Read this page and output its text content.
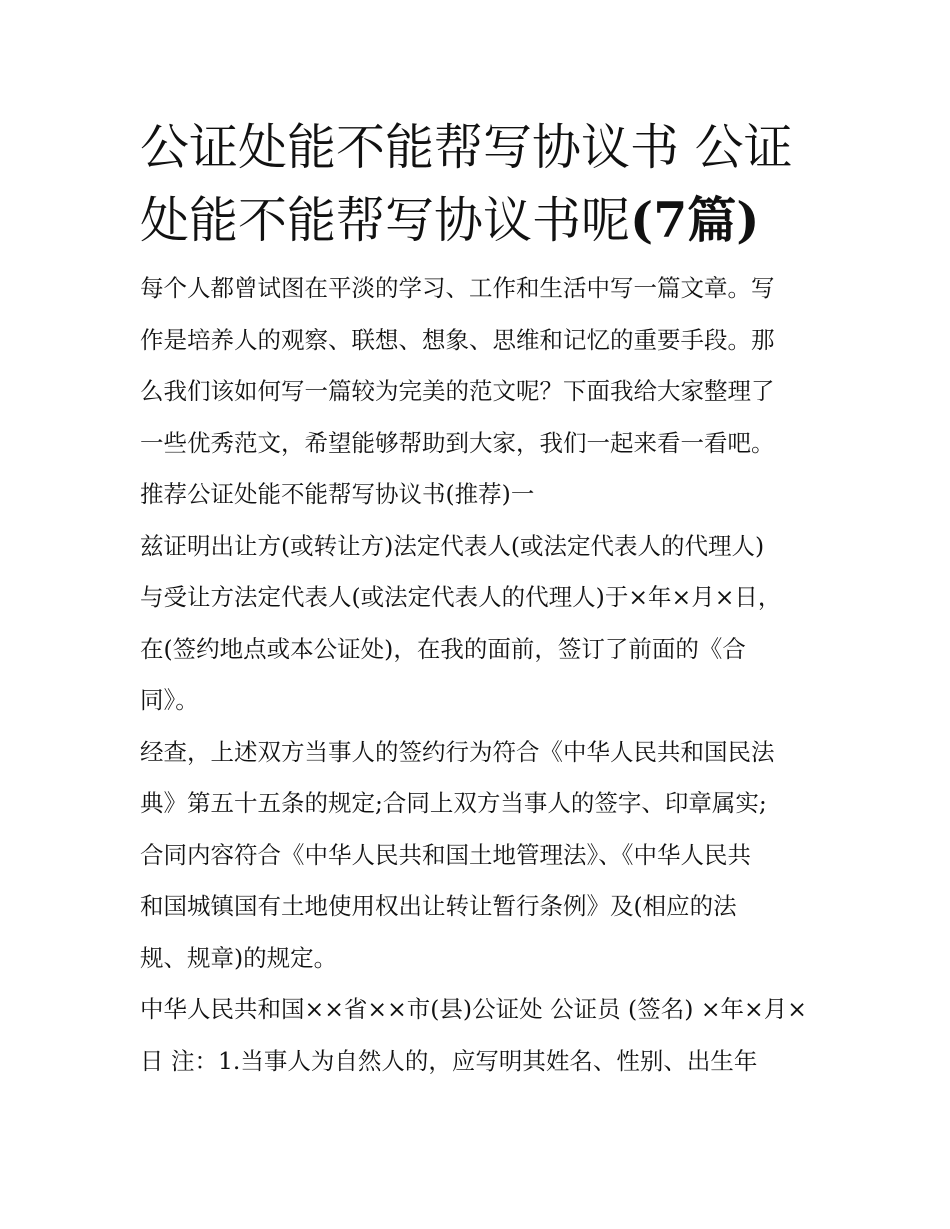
公证处能不能帮写协议书 公证
处能不能帮写协议书呢(7篇)

每个人都曾试图在平淡的学习、工作和生活中写一篇文章。写
作是培养人的观察、联想、想象、思维和记忆的重要手段。那
么我们该如何写一篇较为完美的范文呢？下面我给大家整理了
一些优秀范文，希望能够帮助到大家，我们一起来看一看吧。

推荐公证处能不能帮写协议书(推荐)一

兹证明出让方(或转让方)法定代表人(或法定代表人的代理人)
与受让方法定代表人(或法定代表人的代理人)于×年×月×日，
在(签约地点或本公证处)，在我的面前，签订了前面的《合
同》。

经查，上述双方当事人的签约行为符合《中华人民共和国民法
典》第五十五条的规定;合同上双方当事人的签字、印章属实;
合同内容符合《中华人民共和国土地管理法》、《中华人民共
和国城镇国有土地使用权出让转让暂行条例》及(相应的法
规、规章)的规定。

中华人民共和国××省××市(县)公证处 公证员 (签名) ×年×月×
日 注：1.当事人为自然人的，应写明其姓名、性别、出生年
